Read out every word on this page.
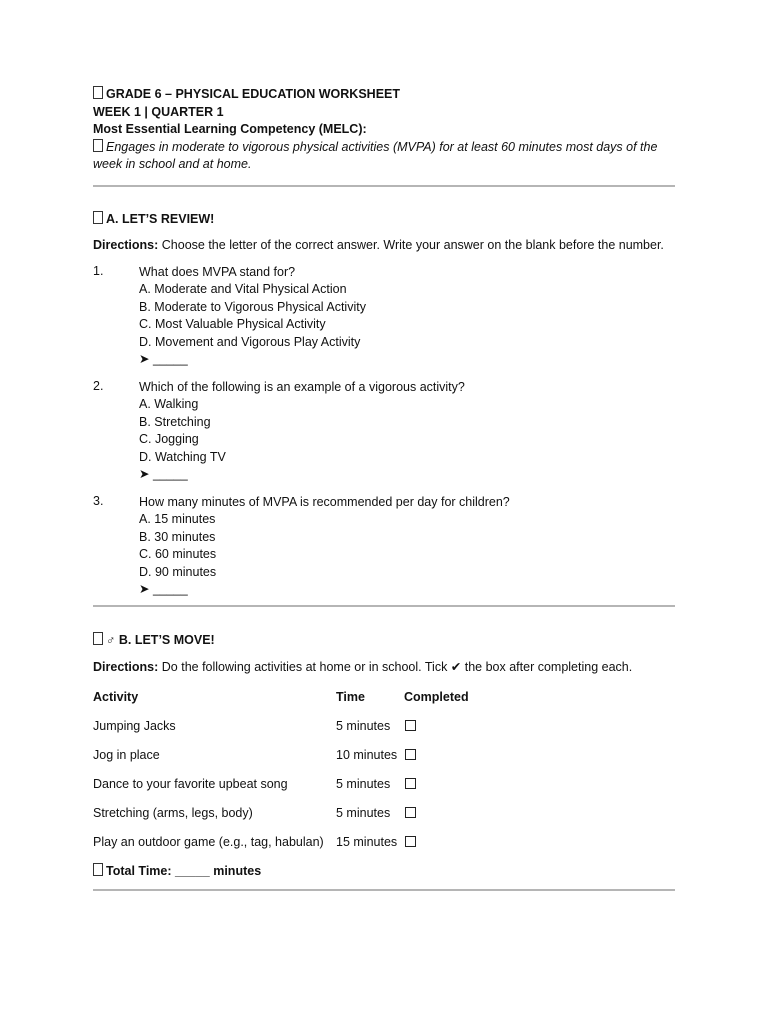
GRADE 6 – PHYSICAL EDUCATION WORKSHEET
WEEK 1 | QUARTER 1
Most Essential Learning Competency (MELC):
Engages in moderate to vigorous physical activities (MVPA) for at least 60 minutes most days of the week in school and at home.
A. LET’S REVIEW!
Directions: Choose the letter of the correct answer. Write your answer on the blank before the number.
1.	What does MVPA stand for?
A. Moderate and Vital Physical Action
B. Moderate to Vigorous Physical Activity
C. Most Valuable Physical Activity
D. Movement and Vigorous Play Activity
➤ _____
2.	Which of the following is an example of a vigorous activity?
A. Walking
B. Stretching
C. Jogging
D. Watching TV
➤ _____
3.	How many minutes of MVPA is recommended per day for children?
A. 15 minutes
B. 30 minutes
C. 60 minutes
D. 90 minutes
➤ _____
♂ B. LET’S MOVE!
Directions: Do the following activities at home or in school. Tick ✔ the box after completing each.
Activity	Time	Completed
Jumping Jacks	5 minutes	
Jog in place	10 minutes	
Dance to your favorite upbeat song	5 minutes	
Stretching (arms, legs, body)	5 minutes	
Play an outdoor game (e.g., tag, habulan)	15 minutes	
Total Time: _____ minutes
